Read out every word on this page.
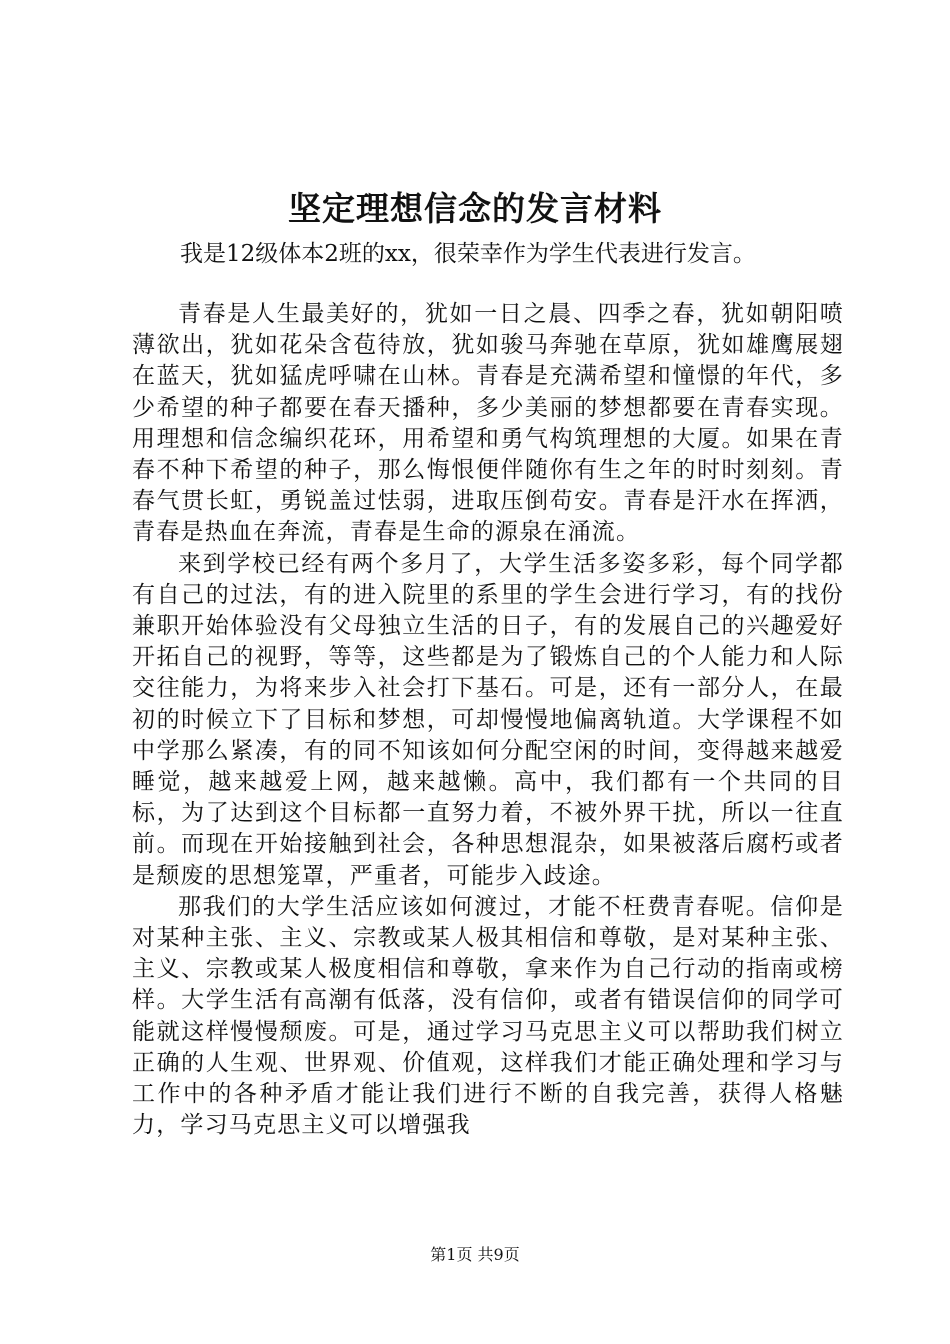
坚定理想信念的发言材料

我是12级体本2班的xx，很荣幸作为学生代表进行发言。

青春是人生最美好的，犹如一日之晨、四季之春，犹如朝阳喷薄欲出，犹如花朵含苞待放，犹如骏马奔驰在草原，犹如雄鹰展翅在蓝天，犹如猛虎呼啸在山林。青春是充满希望和憧憬的年代，多少希望的种子都要在春天播种，多少美丽的梦想都要在青春实现。用理想和信念编织花环，用希望和勇气构筑理想的大厦。如果在青春不种下希望的种子，那么悔恨便伴随你有生之年的时时刻刻。青春气贯长虹，勇锐盖过怯弱，进取压倒苟安。青春是汗水在挥洒，青春是热血在奔流，青春是生命的源泉在涌流。

来到学校已经有两个多月了，大学生活多姿多彩，每个同学都有自己的过法，有的进入院里的系里的学生会进行学习，有的找份兼职开始体验没有父母独立生活的日子，有的发展自己的兴趣爱好开拓自己的视野，等等，这些都是为了锻炼自己的个人能力和人际交往能力，为将来步入社会打下基石。可是，还有一部分人，在最初的时候立下了目标和梦想，可却慢慢地偏离轨道。大学课程不如中学那么紧凑，有的同不知该如何分配空闲的时间，变得越来越爱睡觉，越来越爱上网，越来越懒。高中，我们都有一个共同的目标，为了达到这个目标都一直努力着，不被外界干扰，所以一往直前。而现在开始接触到社会，各种思想混杂，如果被落后腐朽或者是颓废的思想笼罩，严重者，可能步入歧途。

那我们的大学生活应该如何渡过，才能不枉费青春呢。信仰是对某种主张、主义、宗教或某人极其相信和尊敬，是对某种主张、主义、宗教或某人极度相信和尊敬，拿来作为自己行动的指南或榜样。大学生活有高潮有低落，没有信仰，或者有错误信仰的同学可能就这样慢慢颓废。可是，通过学习马克思主义可以帮助我们树立正确的人生观、世界观、价值观，这样我们才能正确处理和学习与工作中的各种矛盾才能让我们进行不断的自我完善，获得人格魅力，学习马克思主义可以增强我

第1页 共9页
